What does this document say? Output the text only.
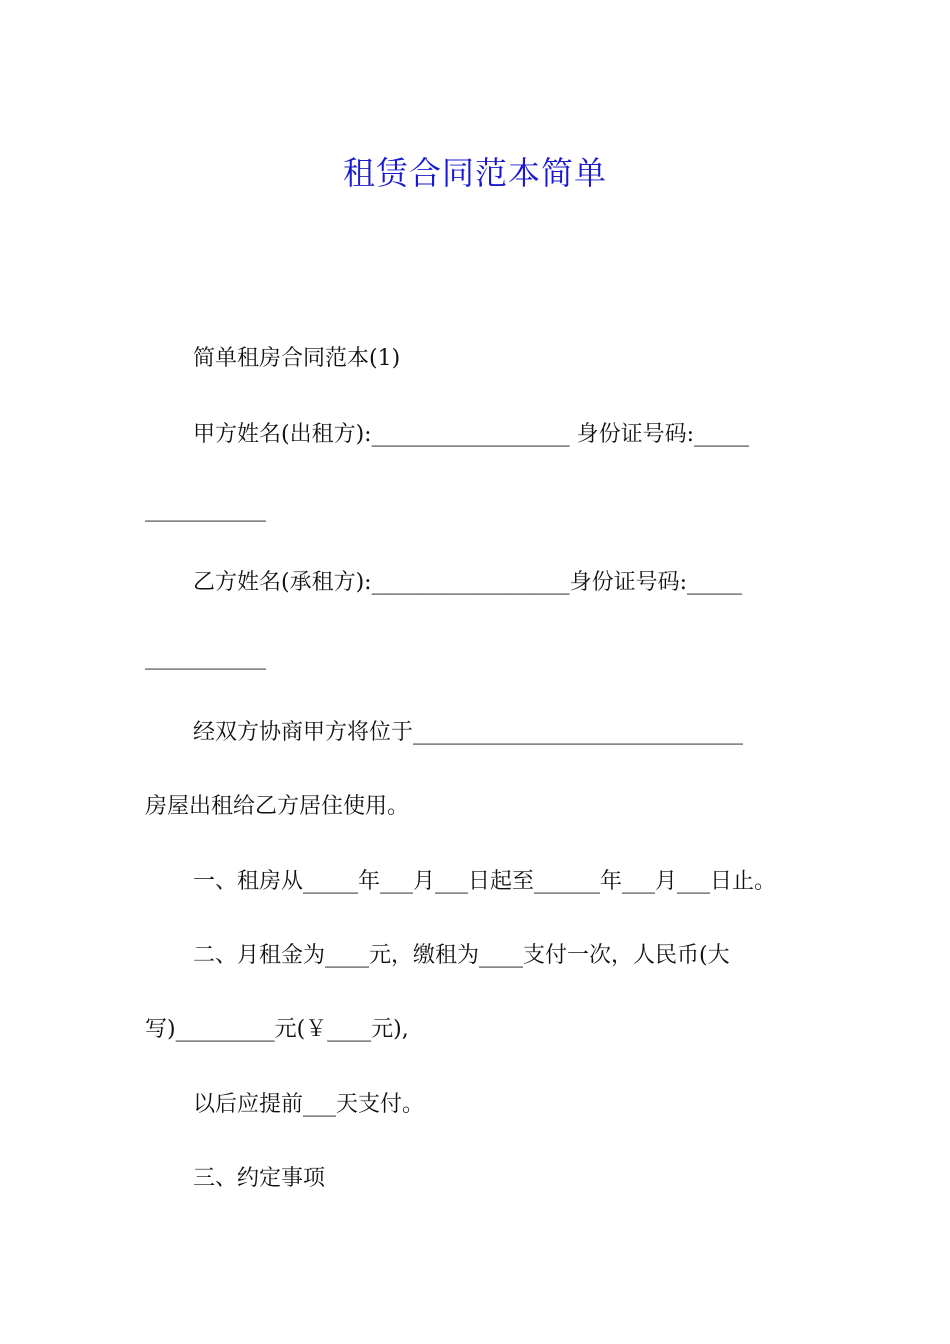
租赁合同范本简单
简单租房合同范本(1)
甲方姓名(出租方):__________________ 身份证号码:_____
___________
乙方姓名(承租方):__________________身份证号码:_____
___________
经双方协商甲方将位于______________________________
房屋出租给乙方居住使用。
一、租房从_____年___月___日起至______年___月___日止。
二、月租金为____元，缴租为____支付一次，人民币(大
写)_________元(￥____元),
以后应提前___天支付。
三、约定事项
